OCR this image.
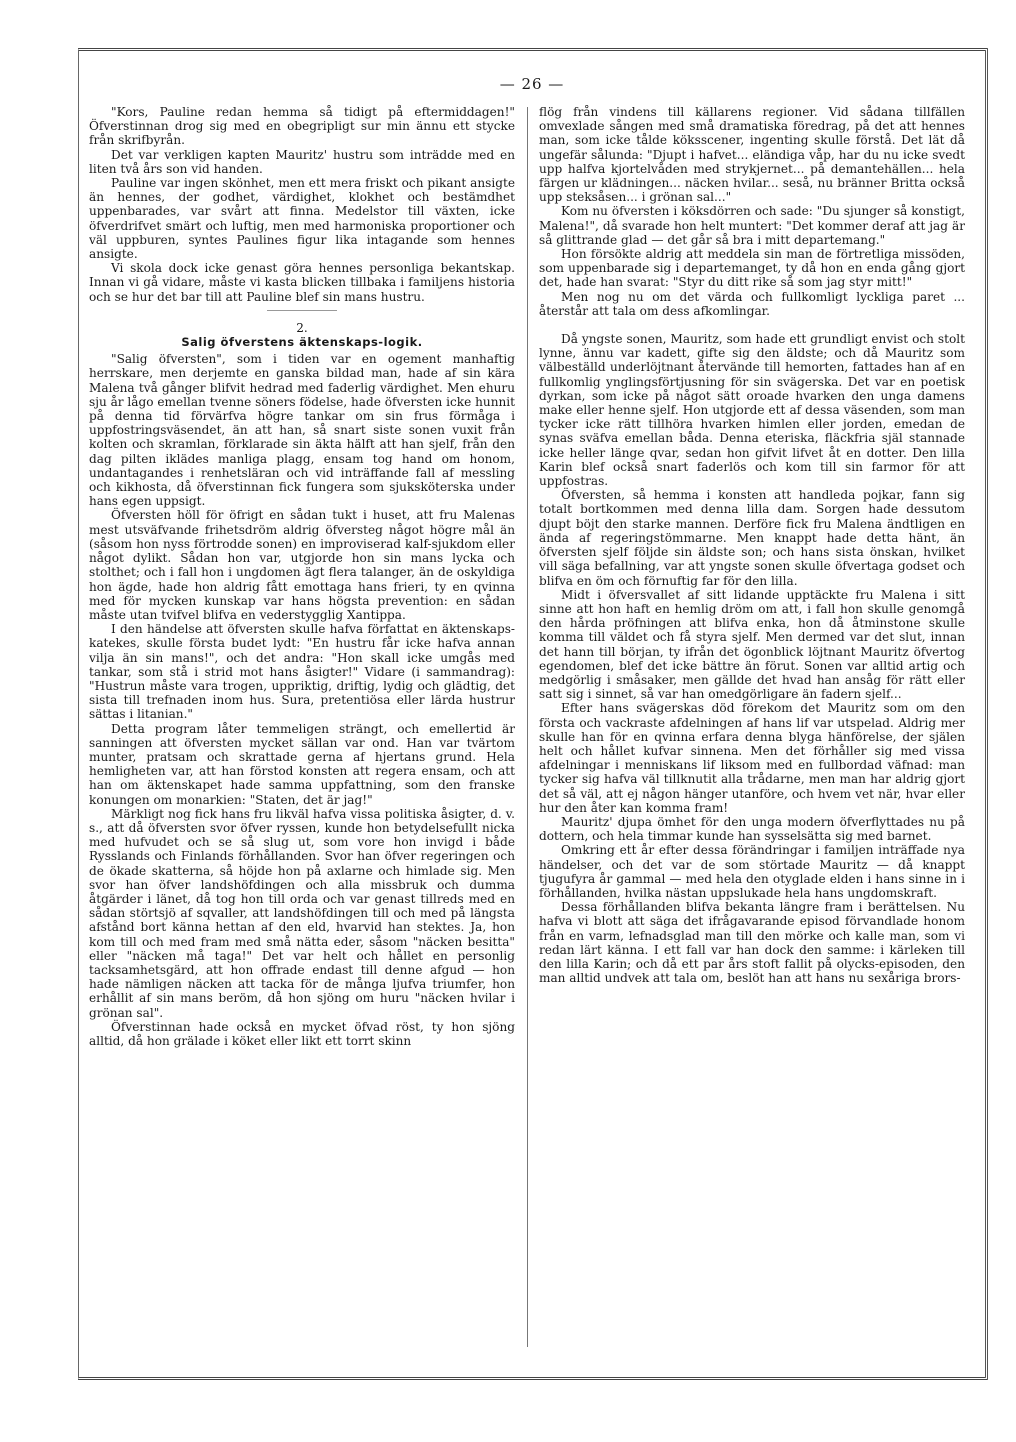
— 26 —

"Kors, Pauline redan hemma så tidigt på eftermiddagen!" Öfverstinnan drog sig med en obegripligt sur min ännu ett stycke från skrifbyrån.

Det var verkligen kapten Mauritz' hustru som inträdde med en liten två års son vid handen.

Pauline var ingen skönhet, men ett mera friskt och pikant ansigte än hennes, der godhet, värdighet, klokhet och bestämdhet uppenbarades, var svårt att finna. Medelstor till växten, icke öfverdrifvet smärt och luftig, men med harmoniska proportioner och väl uppburen, syntes Paulines figur lika intagande som hennes ansigte.

Vi skola dock icke genast göra hennes personliga bekantskap. Innan vi gå vidare, måste vi kasta blicken tillbaka i familjens historia och se hur det bar till att Pauline blef sin mans hustru.

2.

Salig öfverstens äktenskaps-logik.

"Salig öfversten", som i tiden var en ogement manhaftig herrskare, men derjemte en ganska bildad man, hade af sin kära Malena två gånger blifvit hedrad med faderlig värdighet. Men ehuru sju år lågo emellan tvenne söners födelse, hade öfversten icke hunnit på denna tid förvärfva högre tankar om sin frus förmåga i uppfostringsväsendet, än att han, så snart siste sonen vuxit från kolten och skramlan, förklarade sin äkta hälft att han sjelf, från den dag pilten iklädes manliga plagg, ensam tog hand om honom, undantagandes i renhetsläran och vid inträffande fall af messling och kikhosta, då öfverstinnan fick fungera som sjuksköterska under hans egen uppsigt.

Öfversten höll för öfrigt en sådan tukt i huset, att fru Malenas mest utsväfvande frihetsdröm aldrig öfversteg något högre mål än (såsom hon nyss förtrodde sonen) en improviserad kalf-sjukdom eller något dylikt. Sådan hon var, utgjorde hon sin mans lycka och stolthet; och i fall hon i ungdomen ägt flera talanger, än de oskyldiga hon ägde, hade hon aldrig fått emottaga hans frieri, ty en qvinna med för mycken kunskap var hans högsta prevention: en sådan måste utan tvifvel blifva en vederstygglig Xantippa.

I den händelse att öfversten skulle hafva författat en äktenskaps-katekes, skulle första budet lydt: "En hustru får icke hafva annan vilja än sin mans!", och det andra: "Hon skall icke umgås med tankar, som stå i strid mot hans åsigter!" Vidare (i sammandrag): "Hustrun måste vara trogen, uppriktig, driftig, lydig och glädtig, det sista till trefnaden inom hus. Sura, pretentiösa eller lärda hustrur sättas i litanian."

Detta program låter temmeligen strängt, och emellertid är sanningen att öfversten mycket sällan var ond. Han var tvärtom munter, pratsam och skrattade gerna af hjertans grund. Hela hemligheten var, att han förstod konsten att regera ensam, och att han om äktenskapet hade samma uppfattning, som den franske konungen om monarkien: "Staten, det är jag!"

Märkligt nog fick hans fru likväl hafva vissa politiska åsigter, d. v. s., att då öfversten svor öfver ryssen, kunde hon betydelsefullt nicka med hufvudet och se så slug ut, som vore hon invigd i både Rysslands och Finlands förhållanden. Svor han öfver regeringen och de ökade skatterna, så höjde hon på axlarne och himlade sig. Men svor han öfver landshöfdingen och alla missbruk och dumma åtgärder i länet, då tog hon till orda och var genast tillreds med en sådan störtsjö af sqvaller, att landshöfdingen till och med på längsta afstånd bort känna hettan af den eld, hvarvid han stektes. Ja, hon kom till och med fram med små nätta eder, såsom "näcken besitta" eller "näcken må taga!" Det var helt och hållet en personlig tacksamhetsgärd, att hon offrade endast till denne afgud — hon hade nämligen näcken att tacka för de många ljufva triumfer, hon erhållit af sin mans beröm, då hon sjöng om huru "näcken hvilar i grönan sal".

Öfverstinnan hade också en mycket öfvad röst, ty hon sjöng alltid, då hon grälade i köket eller likt ett torrt skinn

flög från vindens till källarens regioner. Vid sådana tillfällen omvexlade sången med små dramatiska föredrag, på det att hennes man, som icke tålde köksscener, ingenting skulle förstå. Det lät då ungefär sålunda: "Djupt i hafvet... eländiga våp, har du nu icke svedt upp halfva kjortelvåden med strykjernet... på demantehällen... hela färgen ur klädningen... näcken hvilar... seså, nu bränner Britta också upp steksåsen... i grönan sal..."

Kom nu öfversten i köksdörren och sade: "Du sjunger så konstigt, Malena!", då svarade hon helt muntert: "Det kommer deraf att jag är så glittrande glad — det går så bra i mitt departemang."

Hon försökte aldrig att meddela sin man de förtretliga missöden, som uppenbarade sig i departemanget, ty då hon en enda gång gjort det, hade han svarat: "Styr du ditt rike så som jag styr mitt!"

Men nog nu om det värda och fullkomligt lyckliga paret ... återstår att tala om dess afkomlingar.

Då yngste sonen, Mauritz, som hade ett grundligt envist och stolt lynne, ännu var kadett, gifte sig den äldste; och då Mauritz som välbeställd underlöjtnant återvände till hemorten, fattades han af en fullkomlig ynglingsförtjusning för sin svägerska. Det var en poetisk dyrkan, som icke på något sätt oroade hvarken den unga damens make eller henne sjelf. Hon utgjorde ett af dessa väsenden, som man tycker icke rätt tillhöra hvarken himlen eller jorden, emedan de synas sväfva emellan båda. Denna eteriska, fläckfria själ stannade icke heller länge qvar, sedan hon gifvit lifvet åt en dotter. Den lilla Karin blef också snart faderlös och kom till sin farmor för att uppfostras.

Öfversten, så hemma i konsten att handleda pojkar, fann sig totalt bortkommen med denna lilla dam. Sorgen hade dessutom djupt böjt den starke mannen. Derföre fick fru Malena ändtligen en ända af regeringstömmarne. Men knappt hade detta hänt, än öfversten sjelf följde sin äldste son; och hans sista önskan, hvilket vill säga befallning, var att yngste sonen skulle öfvertaga godset och blifva en öm och förnuftig far för den lilla.

Midt i öfversvallet af sitt lidande upptäckte fru Malena i sitt sinne att hon haft en hemlig dröm om att, i fall hon skulle genomgå den hårda pröfningen att blifva enka, hon då åtminstone skulle komma till väldet och få styra sjelf. Men dermed var det slut, innan det hann till början, ty ifrån det ögonblick löjtnant Mauritz öfvertog egendomen, blef det icke bättre än förut. Sonen var alltid artig och medgörlig i småsaker, men gällde det hvad han ansåg för rätt eller satt sig i sinnet, så var han omedgörligare än fadern sjelf...

Efter hans svägerskas död förekom det Mauritz som om den första och vackraste afdelningen af hans lif var utspelad. Aldrig mer skulle han för en qvinna erfara denna blyga hänförelse, der själen helt och hållet kufvar sinnena. Men det förhåller sig med vissa afdelningar i menniskans lif liksom med en fullbordad väfnad: man tycker sig hafva väl tillknutit alla trådarne, men man har aldrig gjort det så väl, att ej någon hänger utanföre, och hvem vet när, hvar eller hur den åter kan komma fram!

Mauritz' djupa ömhet för den unga modern öfverflyttades nu på dottern, och hela timmar kunde han sysselsätta sig med barnet.

Omkring ett år efter dessa förändringar i familjen inträffade nya händelser, och det var de som störtade Mauritz — då knappt tjugufyra år gammal — med hela den otyglade elden i hans sinne in i förhållanden, hvilka nästan uppslukade hela hans ungdomskraft.

Dessa förhållanden blifva bekanta längre fram i berättelsen. Nu hafva vi blott att säga det ifrågavarande episod förvandlade honom från en varm, lefnadsglad man till den mörke och kalle man, som vi redan lärt känna. I ett fall var han dock den samme: i kärleken till den lilla Karin; och då ett par års stoft fallit på olycks-episoden, den man alltid undvek att tala om, beslöt han att hans nu sexåriga brors-
